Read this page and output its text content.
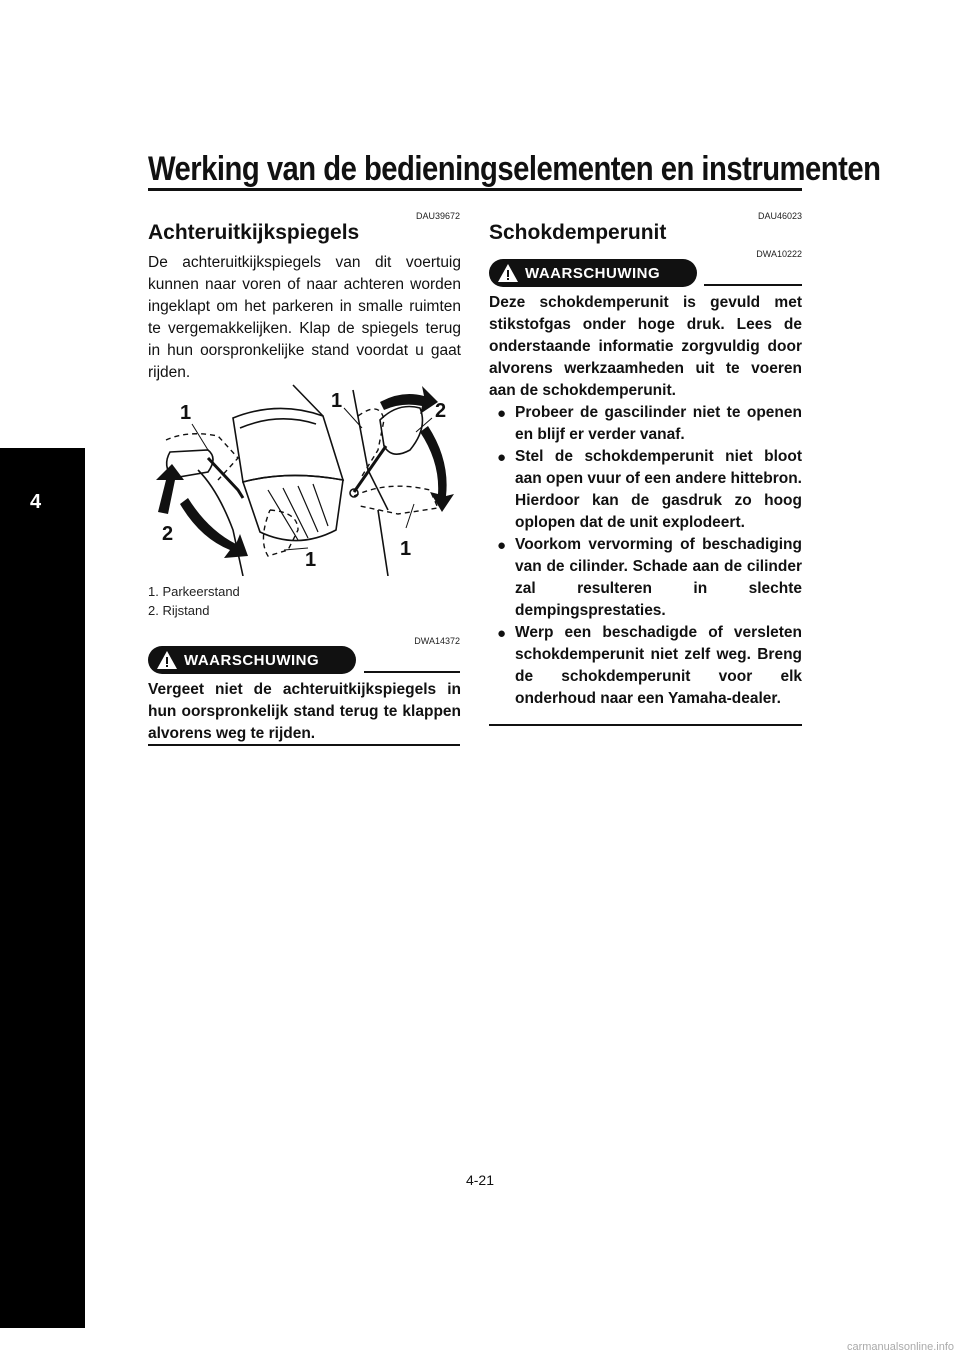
Werking van de bedieningselementen en instrumenten
4
DAU39672
Achteruitkijkspiegels

De achteruitkijkspiegels van dit voertuig kunnen naar voren of naar achteren worden ingeklapt om het parkeren in smalle ruimten te vergemakkelijken. Klap de spiegels terug in hun oorspronkelijke stand voordat u gaat rijden.

1
1	2
2
1	1
1. Parkeerstand
2. Rijstand
DWA14372
WAARSCHUWING

Vergeet niet de achteruitkijkspiegels in hun oorspronkelijk stand terug te klappen alvorens weg te rijden.

DAU46023
Schokdemperunit
DWA10222
WAARSCHUWING

Deze schokdemperunit is gevuld met stikstofgas onder hoge druk. Lees de onderstaande informatie zorgvuldig door alvorens werkzaamheden uit te voeren aan de schokdemperunit.

● Probeer de gascilinder niet te openen en blijf er verder vanaf.
● Stel de schokdemperunit niet bloot aan open vuur of een andere hittebron. Hierdoor kan de gasdruk zo hoog oplopen dat de unit explodeert.
● Voorkom vervorming of beschadiging van de cilinder. Schade aan de cilinder zal resulteren in slechte dempingsprestaties.
● Werp een beschadigde of versleten schokdemperunit niet zelf weg. Breng de schokdemperunit voor elk onderhoud naar een Yamaha-dealer.
4-21
carmanualsonline.info
